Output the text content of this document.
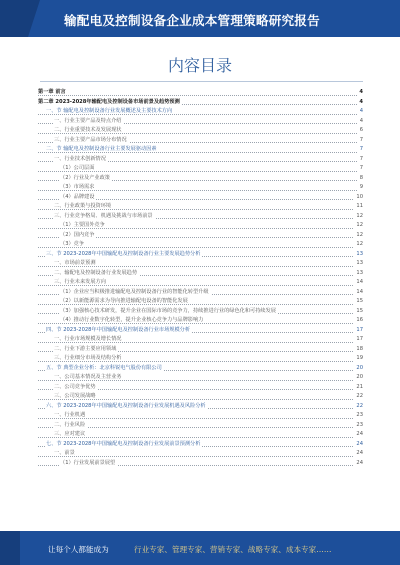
输配电及控制设备企业成本管理策略研究报告
内容目录
第一章 前言	4
第二章 2023-2028年输配电及控制设备市场前景及趋势预测	4
一、节 输配电及控制设备行业发展概述及主要技术方向	4
一、行业主要产品及特点介绍	4
二、行业重要技术及发展现状	6
三、行业主要产品市场分布情况	7
二、节 输配电及控制设备行业主要发展驱动因素	7
一、行业技术创新情况	7
（1）公司层面	7
（2）行业及产业政策	8
（3）市场需求	9
（4）品牌建设	10
二、行业政策与投资环境	11
三、行业竞争格局、机遇及挑战与市场前景	12
（1）主要国外竞争	12
（2）国内竞争	12
（3）竞争	12
三、节 2023-2028年中国输配电及控制设备行业主要发展趋势分析	13
一、市场前景预测	13
二、输配电及控制设备行业发展趋势	13
三、行业未来发展方向	14
（1）企业应当积极推进输配电及控制设备行业的智能化转型升级	14
（2）以新能源需求为导向推进输配电设备的智能化发展	15
（3）加强核心技术研发，提升企业在国际市场的竞争力，持续推进行业的绿色化和可持续发展	15
（4）推动行业数字化转型，提升企业核心竞争力与品牌影响力	16
四、节 2023-2028年中国输配电及控制设备行业市场规模分析	17
一、行业市场规模及增长情况	17
二、行业下游主要应用领域	18
三、行业细分市场及结构分析	19
五、节 典型企业分析：北京科锐电气股份有限公司	20
一、公司基本情况及主营业务	20
二、公司竞争优势	21
三、公司发展战略	22
六、节 2023-2028年中国输配电及控制设备行业发展机遇及风险分析	22
一、行业机遇	23
二、行业风险	23
三、应对建议	24
七、节 2023-2028年中国输配电及控制设备行业发展前景预测分析	24
一、前景	24
（1）行业发展前景展望	24
让每个人都能成为	行业专家、管理专家、营销专家、战略专家、成本专家……
